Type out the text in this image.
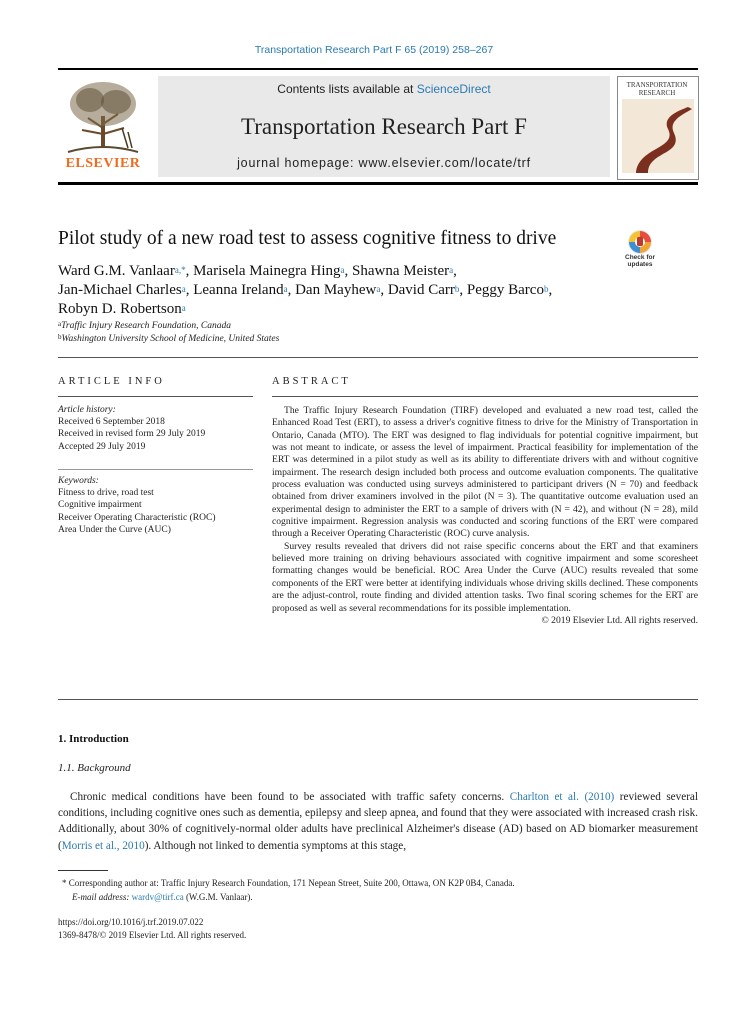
Transportation Research Part F 65 (2019) 258–267
ELSEVIER
Contents lists available at ScienceDirect
Transportation Research Part F
journal homepage: www.elsevier.com/locate/trf
TRANSPORTATION RESEARCH
Pilot study of a new road test to assess cognitive fitness to drive
Check for updates
Ward G.M. Vanlaar$^{a,*}$, Marisela Mainegra Hing$^a$, Shawna Meister$^a$,
Jan-Michael Charles$^a$, Leanna Ireland$^a$, Dan Mayhew$^a$, David Carr$^b$, Peggy Barco$^b$,
Robyn D. Robertson$^a$
$^a$Traffic Injury Research Foundation, Canada
$^b$Washington University School of Medicine, United States
ARTICLE INFO
Article history:
Received 6 September 2018
Received in revised form 29 July 2019
Accepted 29 July 2019
Keywords:
Fitness to drive, road test
Cognitive impairment
Receiver Operating Characteristic (ROC)
Area Under the Curve (AUC)
ABSTRACT

The Traffic Injury Research Foundation (TIRF) developed and evaluated a new road test, called the Enhanced Road Test (ERT), to assess a driver's cognitive fitness to drive for the Ministry of Transportation in Ontario, Canada (MTO). The ERT was designed to flag individuals for potential cognitive impairment, but was not meant to indicate, or assess the level of impairment. Practical feasibility for implementation of the ERT was determined in a pilot study as well as its ability to differentiate drivers with and without cognitive impairment. The research design included both process and outcome evaluation components. The qualitative process evaluation was conducted using surveys administered to participant drivers (N = 70) and feedback obtained from driver examiners involved in the pilot (N = 3). The quantitative outcome evaluation used an experimental design to administer the ERT to a sample of drivers with (N = 42), and without (N = 28), mild cognitive impairment. Regression analysis was conducted and scoring functions of the ERT were compared through a Receiver Operating Characteristic (ROC) curve analysis.

Survey results revealed that drivers did not raise specific concerns about the ERT and that examiners believed more training on driving behaviours associated with cognitive impairment and some scoresheet formatting changes would be beneficial. ROC Area Under the Curve (AUC) results revealed that some components of the ERT were better at identifying individuals whose driving skills declined. These components are the adjust-control, route finding and divided attention tasks. Two final scoring schemes for the ERT are proposed as well as several recommendations for its possible implementation.

© 2019 Elsevier Ltd. All rights reserved.
1. Introduction
1.1. Background

Chronic medical conditions have been found to be associated with traffic safety concerns. Charlton et al. (2010) reviewed several conditions, including cognitive ones such as dementia, epilepsy and sleep apnea, and found that they were associated with increased crash risk. Additionally, about 30% of cognitively-normal older adults have preclinical Alzheimer's disease (AD) based on AD biomarker measurement (Morris et al., 2010). Although not linked to dementia symptoms at this stage,

* Corresponding author at: Traffic Injury Research Foundation, 171 Nepean Street, Suite 200, Ottawa, ON K2P 0B4, Canada.
E-mail address: wardv@tirf.ca (W.G.M. Vanlaar).
https://doi.org/10.1016/j.trf.2019.07.022
1369-8478/© 2019 Elsevier Ltd. All rights reserved.
